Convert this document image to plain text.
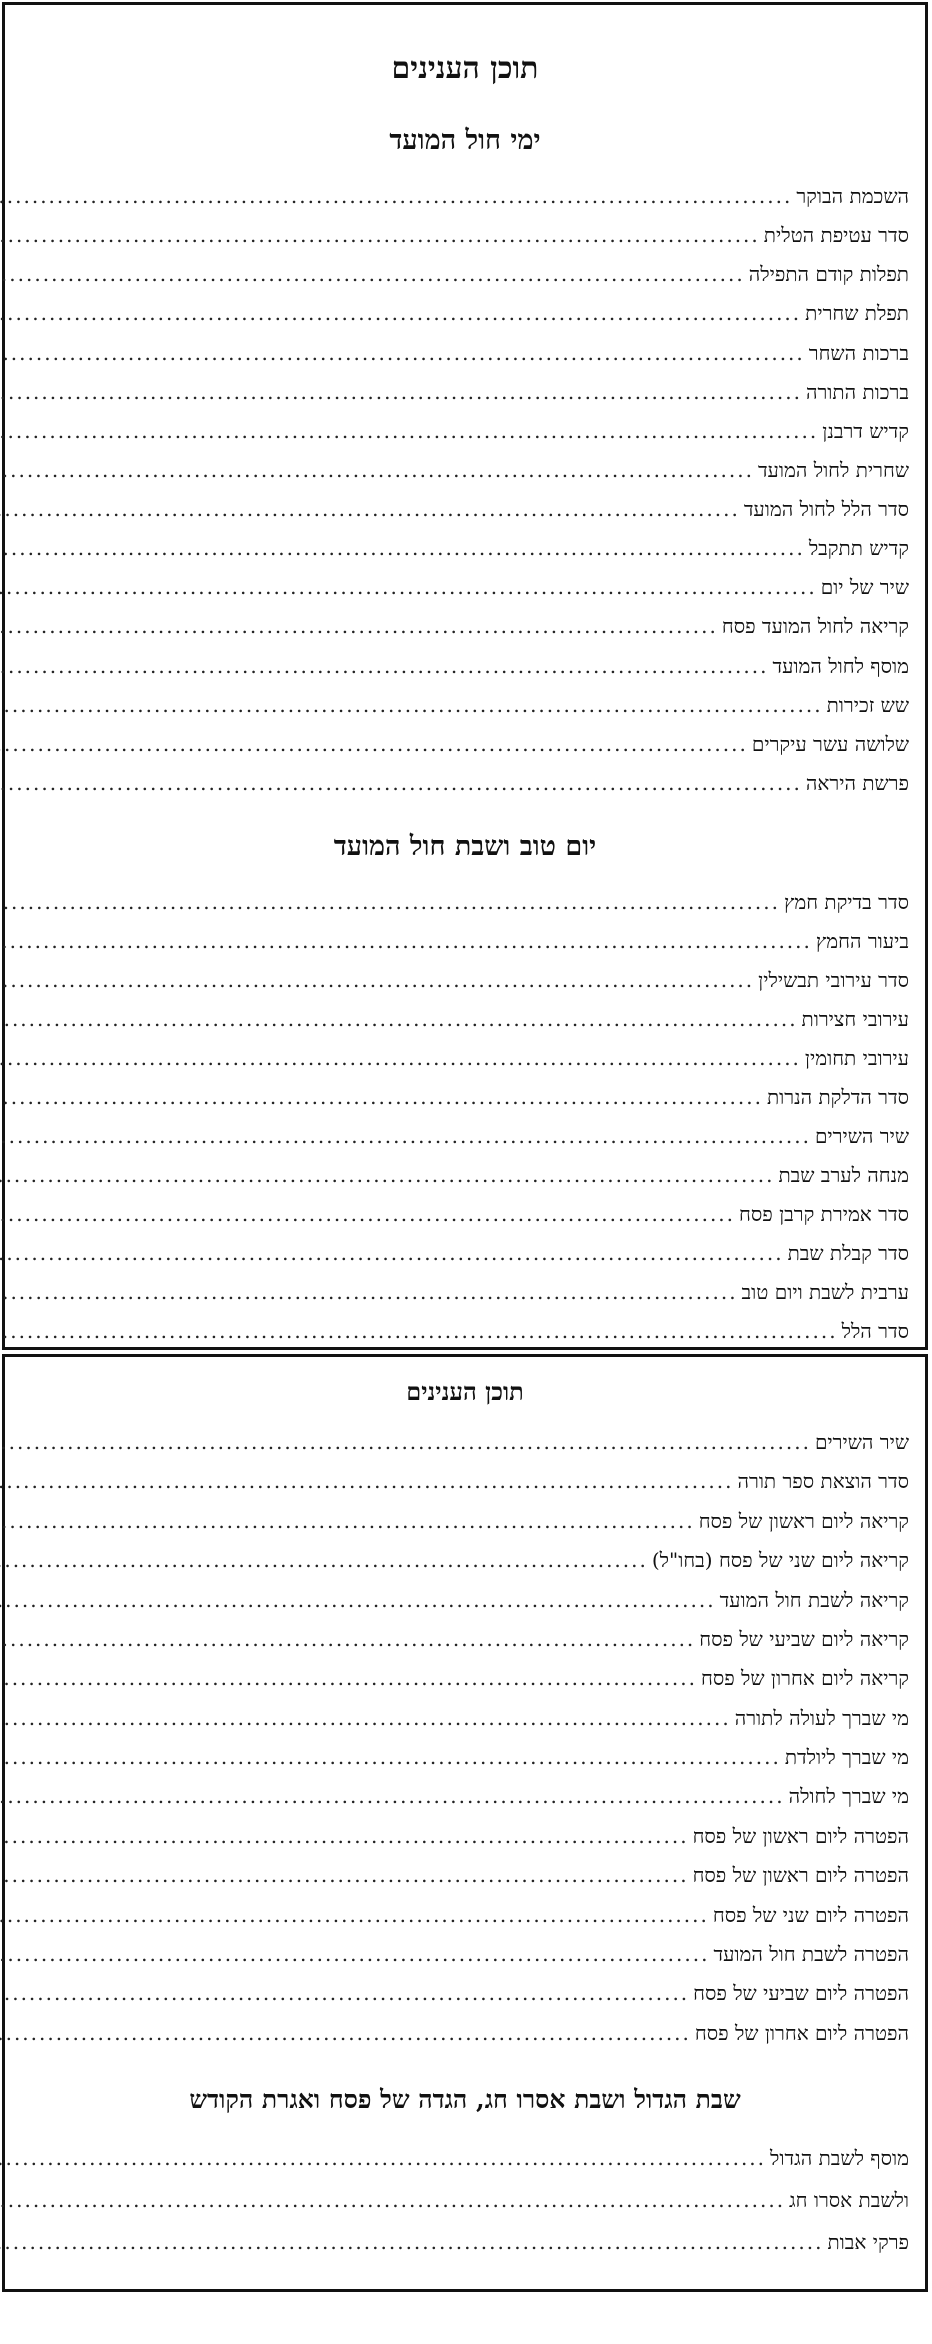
תוכן הענינים
ימי חול המועד
השכמת הבוקר
.....
סדר עטיפת הטלית
.....
תפלות קודם התפילה
.....
תפלת שחרית
.....
ברכות השחר
.....
ברכות התורה
.....
קדיש דרבנן
.....
שחרית לחול המועד
.....
סדר הלל לחול המועד
.....
קדיש תתקבל
.....
שיר של יום
.....
קריאה לחול המועד פסח
.....
מוסף לחול המועד
.....
שש זכירות
.....
שלושה עשר עיקרים
.....
פרשת היראה
.....
יום טוב ושבת חול המועד
סדר בדיקת חמץ
.....
ביעור החמץ
.....
סדר עירובי תבשילין
.....
עירובי חצירות
.....
עירובי תחומין
.....
סדר הדלקת הנרות
.....
שיר השירים
.....
מנחה לערב שבת
.....
סדר אמירת קרבן פסח
.....
סדר קבלת שבת
.....
ערבית לשבת ויום טוב
.....
סדר הלל
.....
תוכן הענינים
שיר השירים
.....
סדר הוצאת ספר תורה
.....
קריאה ליום ראשון של פסח
.....
קריאה ליום שני של פסח (בחו"ל)
.....
קריאה לשבת חול המועד
.....
קריאה ליום שביעי של פסח
.....
קריאה ליום אחרון של פסח
.....
מי שברך לעולה לתורה
.....
מי שברך ליולדת
.....
מי שברך לחולה
.....
הפטרה ליום ראשון של פסח
.....
הפטרה ליום ראשון של פסח
.....
הפטרה ליום שני של פסח
.....
הפטרה לשבת חול המועד
.....
הפטרה ליום שביעי של פסח
.....
הפטרה ליום אחרון של פסח
.....
שבת הגדול ושבת אסרו חג, הגדה של פסח ואגרת הקודש
מוסף לשבת הגדול
.....
ולשבת אסרו חג
.....
פרקי אבות
.....
